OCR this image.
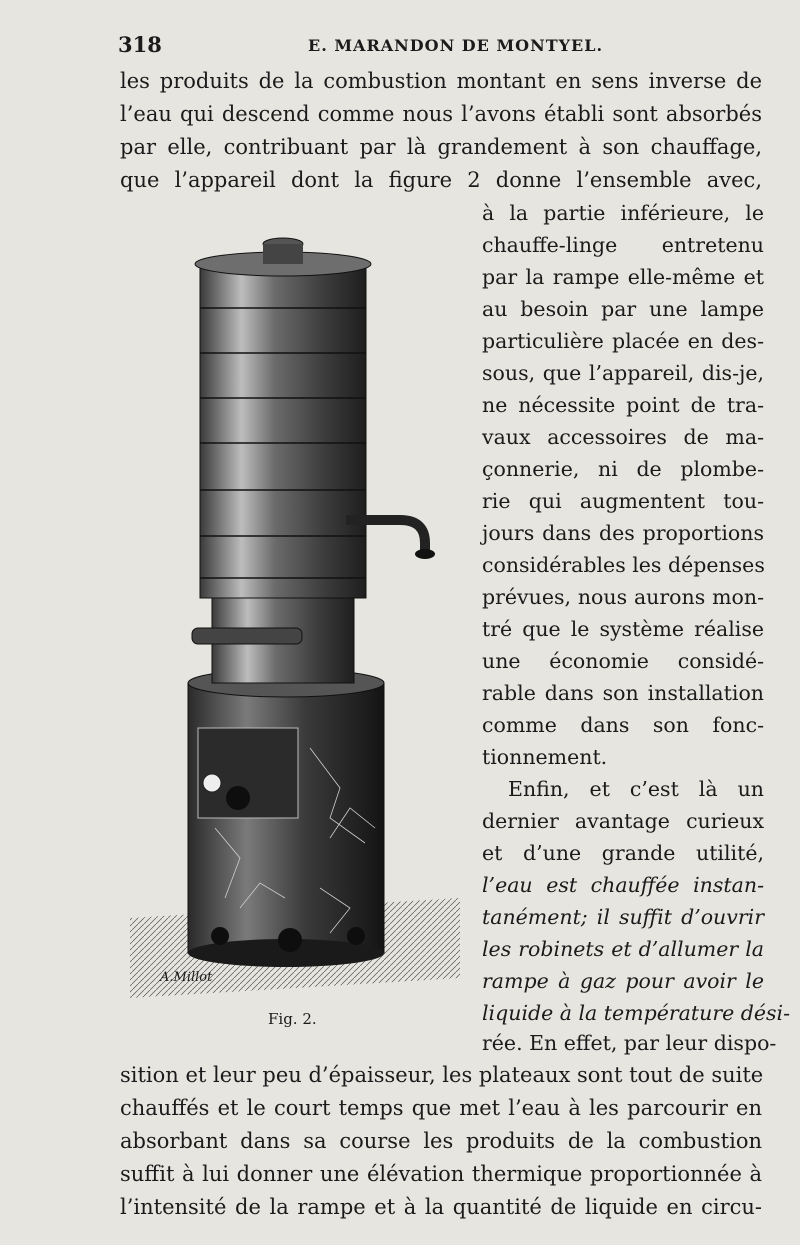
318	E. MARANDON DE MONTYEL.
les produits de la combustion montant en sens inverse de
l’eau qui descend comme nous l’avons établi sont absorbés
par elle, contribuant par là grandement à son chauffage,
que l’appareil dont la figure 2 donne l’ensemble avec,
à la partie inférieure, le
chauffe-linge entretenu
par la rampe elle-même et
au besoin par une lampe
particulière placée en des-
sous, que l’appareil, dis-je,
ne nécessite point de tra-
vaux accessoires de ma-
çonnerie, ni de plombe-
rie qui augmentent tou-
jours dans des proportions
considérables les dépenses
prévues, nous aurons mon-
tré que le système réalise
une économie considé-
rable dans son installation
comme dans son fonc-
tionnement.
Enfin, et c’est là un
dernier avantage curieux
et d’une grande utilité,
l’eau est chauffée instan-
tanément; il suffit d’ouvrir
les robinets et d’allumer la
rampe à gaz pour avoir le
liquide à la température dési-
rée. En effet, par leur dispo-
sition et leur peu d’épaisseur, les plateaux sont tout de suite
chauffés et le court temps que met l’eau à les parcourir en
absorbant dans sa course les produits de la combustion
suffit à lui donner une élévation thermique proportionnée à
l’intensité de la rampe et à la quantité de liquide en circu-
A.Millot
Fig. 2.
